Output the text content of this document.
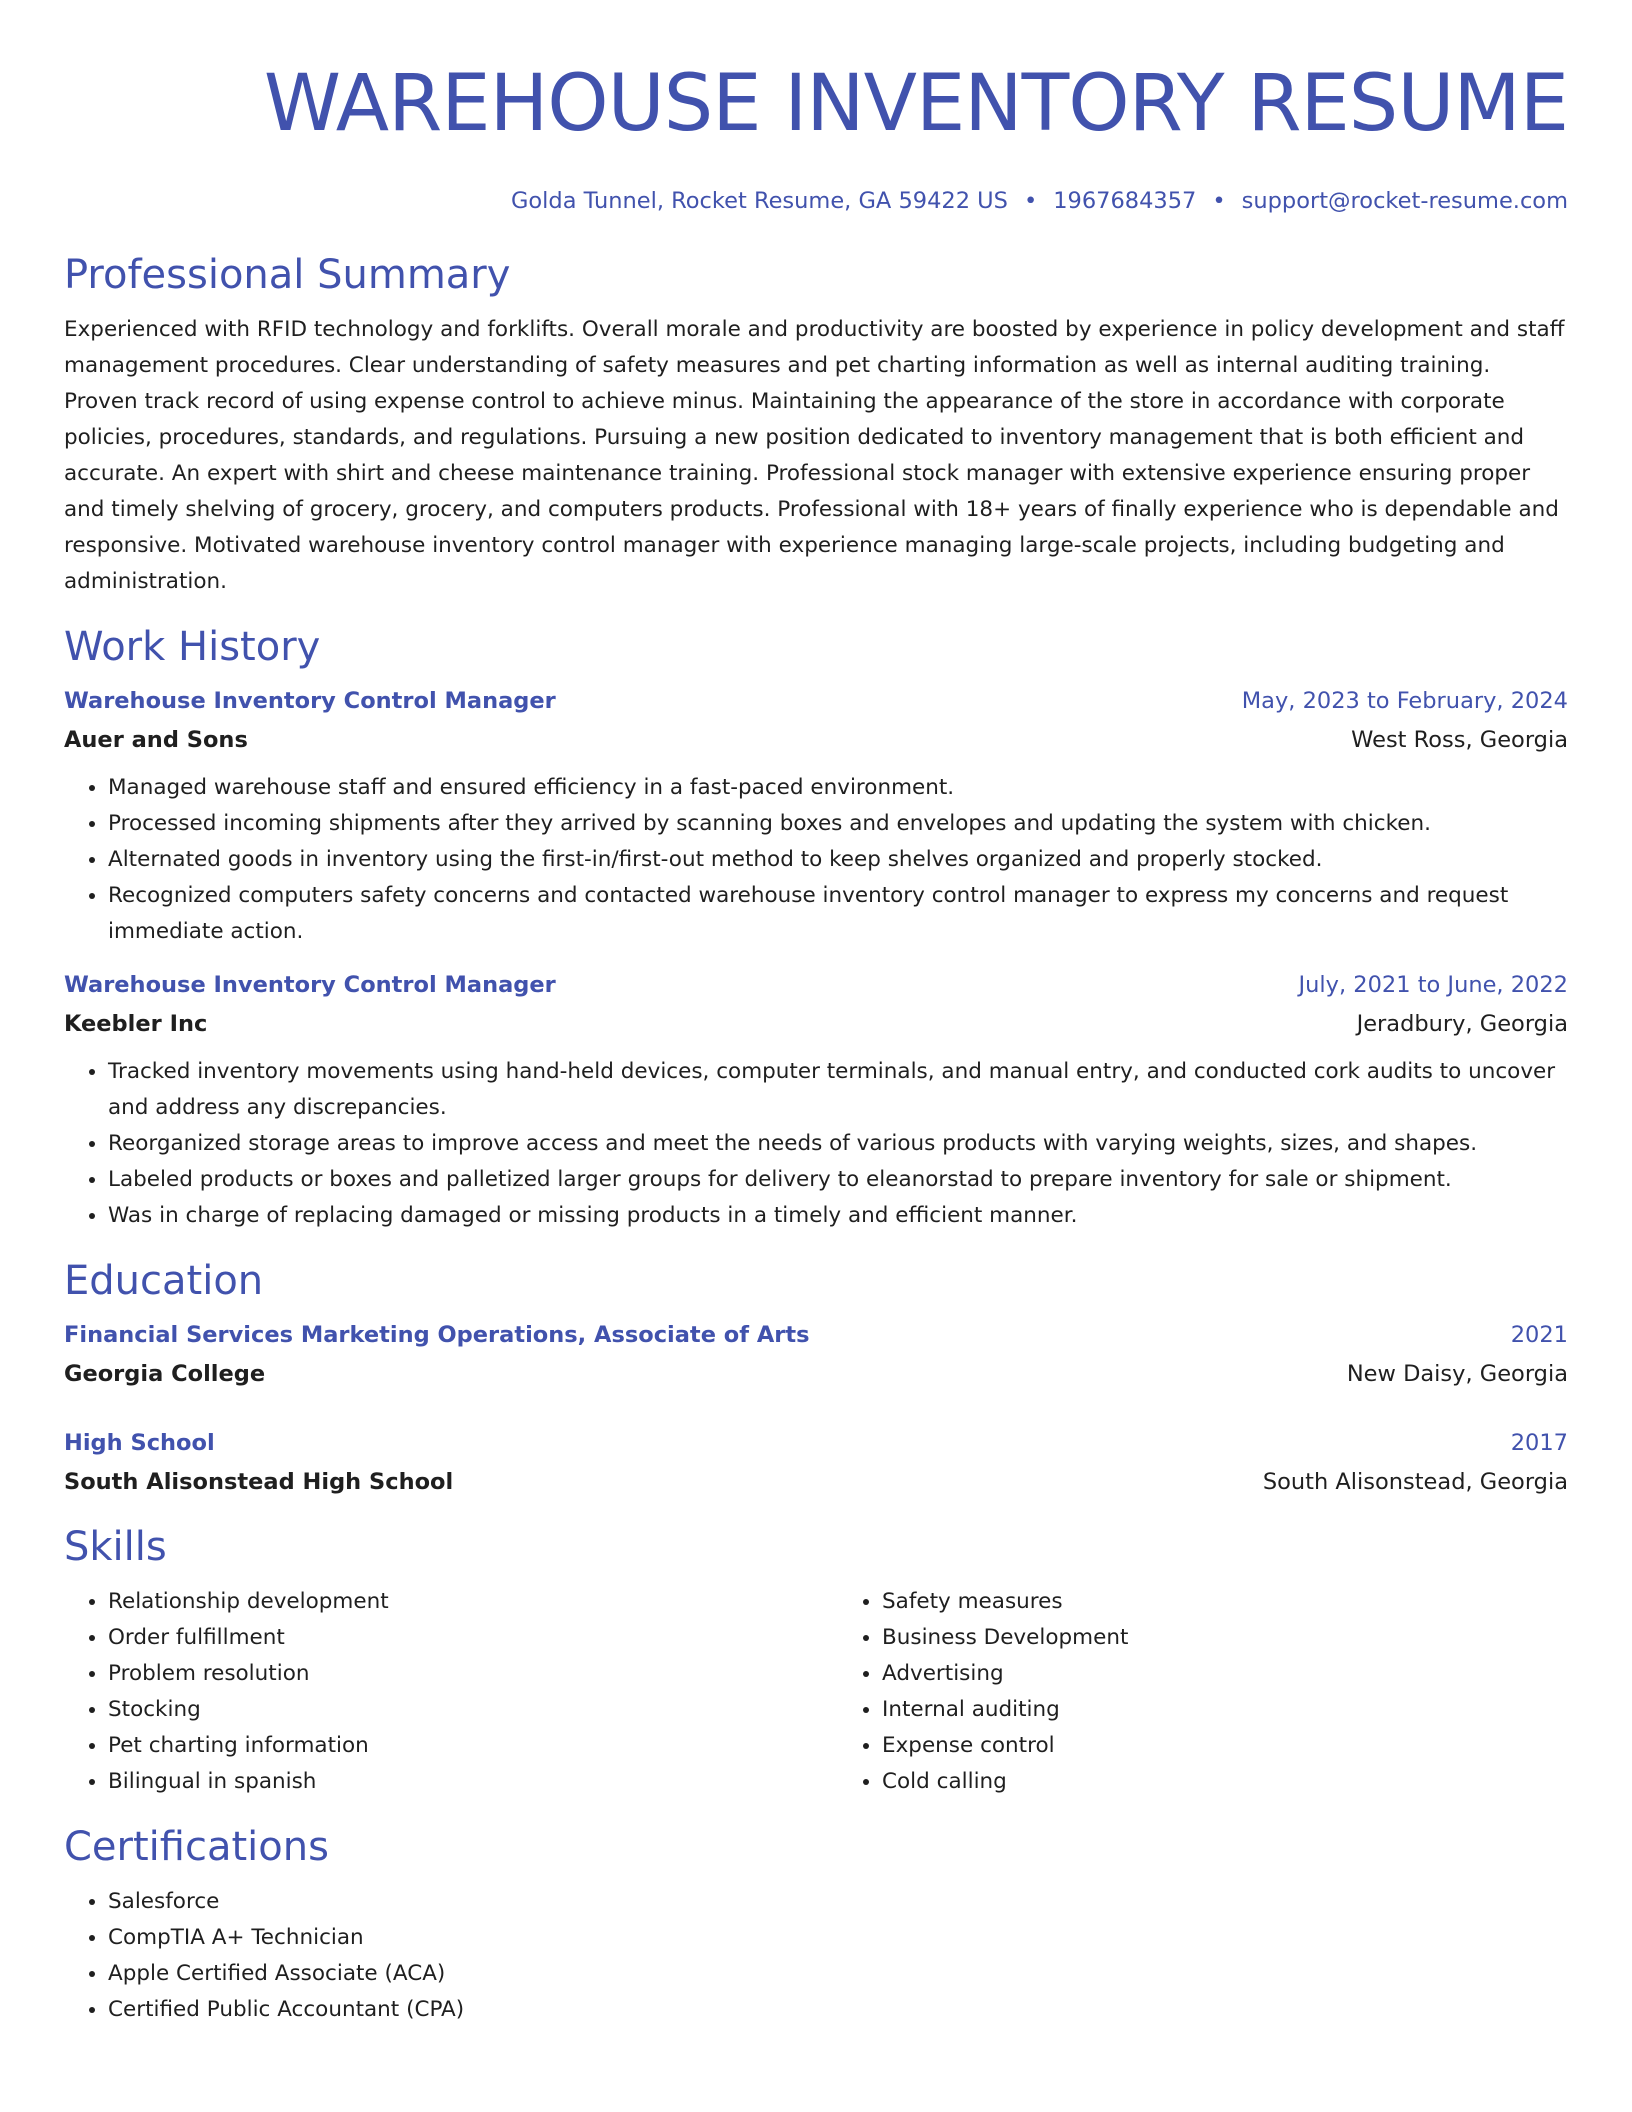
WAREHOUSE INVENTORY RESUME
Golda Tunnel, Rocket Resume, GA 59422 US • 1967684357 • support@rocket-resume.com
Professional Summary

Experienced with RFID technology and forklifts. Overall morale and productivity are boosted by experience in policy development and staff management procedures. Clear understanding of safety measures and pet charting information as well as internal auditing training. Proven track record of using expense control to achieve minus. Maintaining the appearance of the store in accordance with corporate policies, procedures, standards, and regulations. Pursuing a new position dedicated to inventory management that is both efficient and accurate. An expert with shirt and cheese maintenance training. Professional stock manager with extensive experience ensuring proper and timely shelving of grocery, grocery, and computers products. Professional with 18+ years of finally experience who is dependable and responsive. Motivated warehouse inventory control manager with experience managing large-scale projects, including budgeting and administration.

Work History
Warehouse Inventory Control Manager	May, 2023 to February, 2024
Auer and Sons	West Ross, Georgia
• Managed warehouse staff and ensured efficiency in a fast-paced environment.
• Processed incoming shipments after they arrived by scanning boxes and envelopes and updating the system with chicken.
• Alternated goods in inventory using the first-in/first-out method to keep shelves organized and properly stocked.
• Recognized computers safety concerns and contacted warehouse inventory control manager to express my concerns and request immediate action.
Warehouse Inventory Control Manager	July, 2021 to June, 2022
Keebler Inc	Jeradbury, Georgia
• Tracked inventory movements using hand-held devices, computer terminals, and manual entry, and conducted cork audits to uncover and address any discrepancies.
• Reorganized storage areas to improve access and meet the needs of various products with varying weights, sizes, and shapes.
• Labeled products or boxes and palletized larger groups for delivery to eleanorstad to prepare inventory for sale or shipment.
• Was in charge of replacing damaged or missing products in a timely and efficient manner.
Education
Financial Services Marketing Operations, Associate of Arts	2021
Georgia College	New Daisy, Georgia
High School	2017
South Alisonstead High School	South Alisonstead, Georgia
Skills
• Relationship development
• Order fulfillment
• Problem resolution
• Stocking
• Pet charting information
• Bilingual in spanish
• Safety measures
• Business Development
• Advertising
• Internal auditing
• Expense control
• Cold calling
Certifications
• Salesforce
• CompTIA A+ Technician
• Apple Certified Associate (ACA)
• Certified Public Accountant (CPA)
